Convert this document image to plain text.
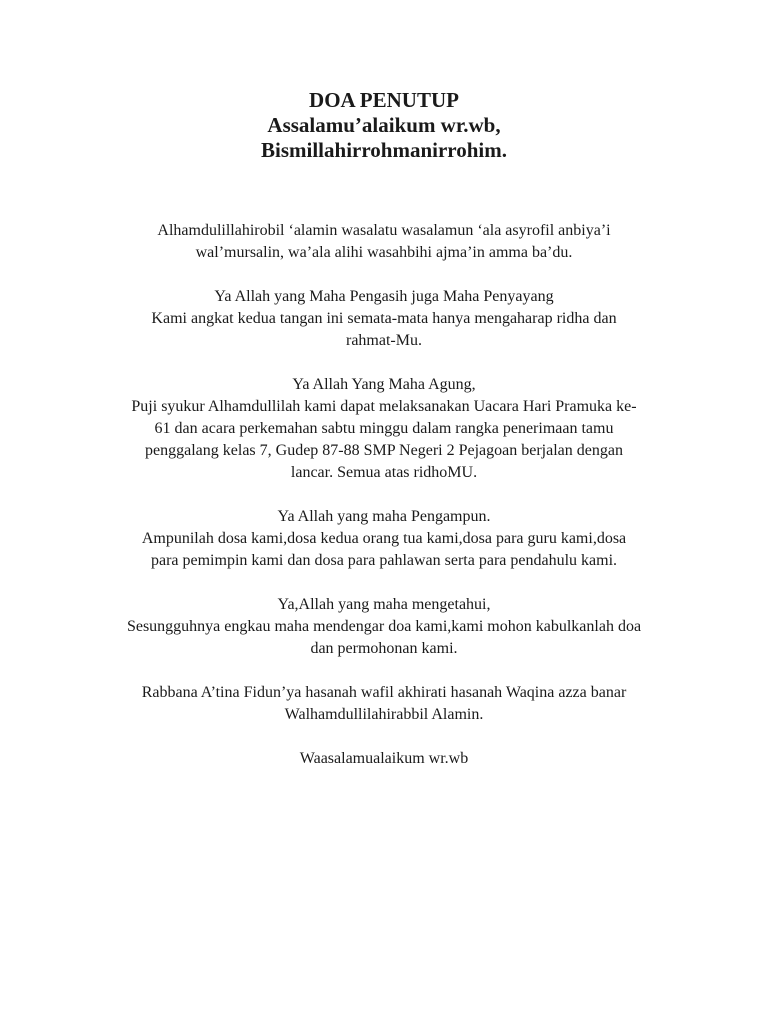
DOA PENUTUP
Assalamu’alaikum wr.wb,
Bismillahirrohmanirrohim.

Alhamdulillahirobil ‘alamin wasalatu wasalamun ‘ala asyrofil anbiya’i
wal’mursalin, wa’ala alihi wasahbihi ajma’in amma ba’du.

Ya Allah yang Maha Pengasih juga Maha Penyayang
Kami angkat kedua tangan ini semata-mata hanya mengaharap ridha dan
rahmat-Mu.

Ya Allah Yang Maha Agung,
Puji syukur Alhamdullilah kami dapat melaksanakan Uacara Hari Pramuka ke-
61 dan acara perkemahan sabtu minggu dalam rangka penerimaan tamu
penggalang kelas 7, Gudep 87-88 SMP Negeri 2 Pejagoan berjalan dengan
lancar. Semua atas ridhoMU.

Ya Allah yang maha Pengampun.
Ampunilah dosa kami,dosa kedua orang tua kami,dosa para guru kami,dosa
para pemimpin kami dan dosa para pahlawan serta para pendahulu kami.

Ya,Allah yang maha mengetahui,
Sesungguhnya engkau maha mendengar doa kami,kami mohon kabulkanlah doa
dan permohonan kami.

Rabbana A’tina Fidun’ya hasanah wafil akhirati hasanah Waqina azza banar
Walhamdullilahirabbil Alamin.

Waasalamualaikum wr.wb
